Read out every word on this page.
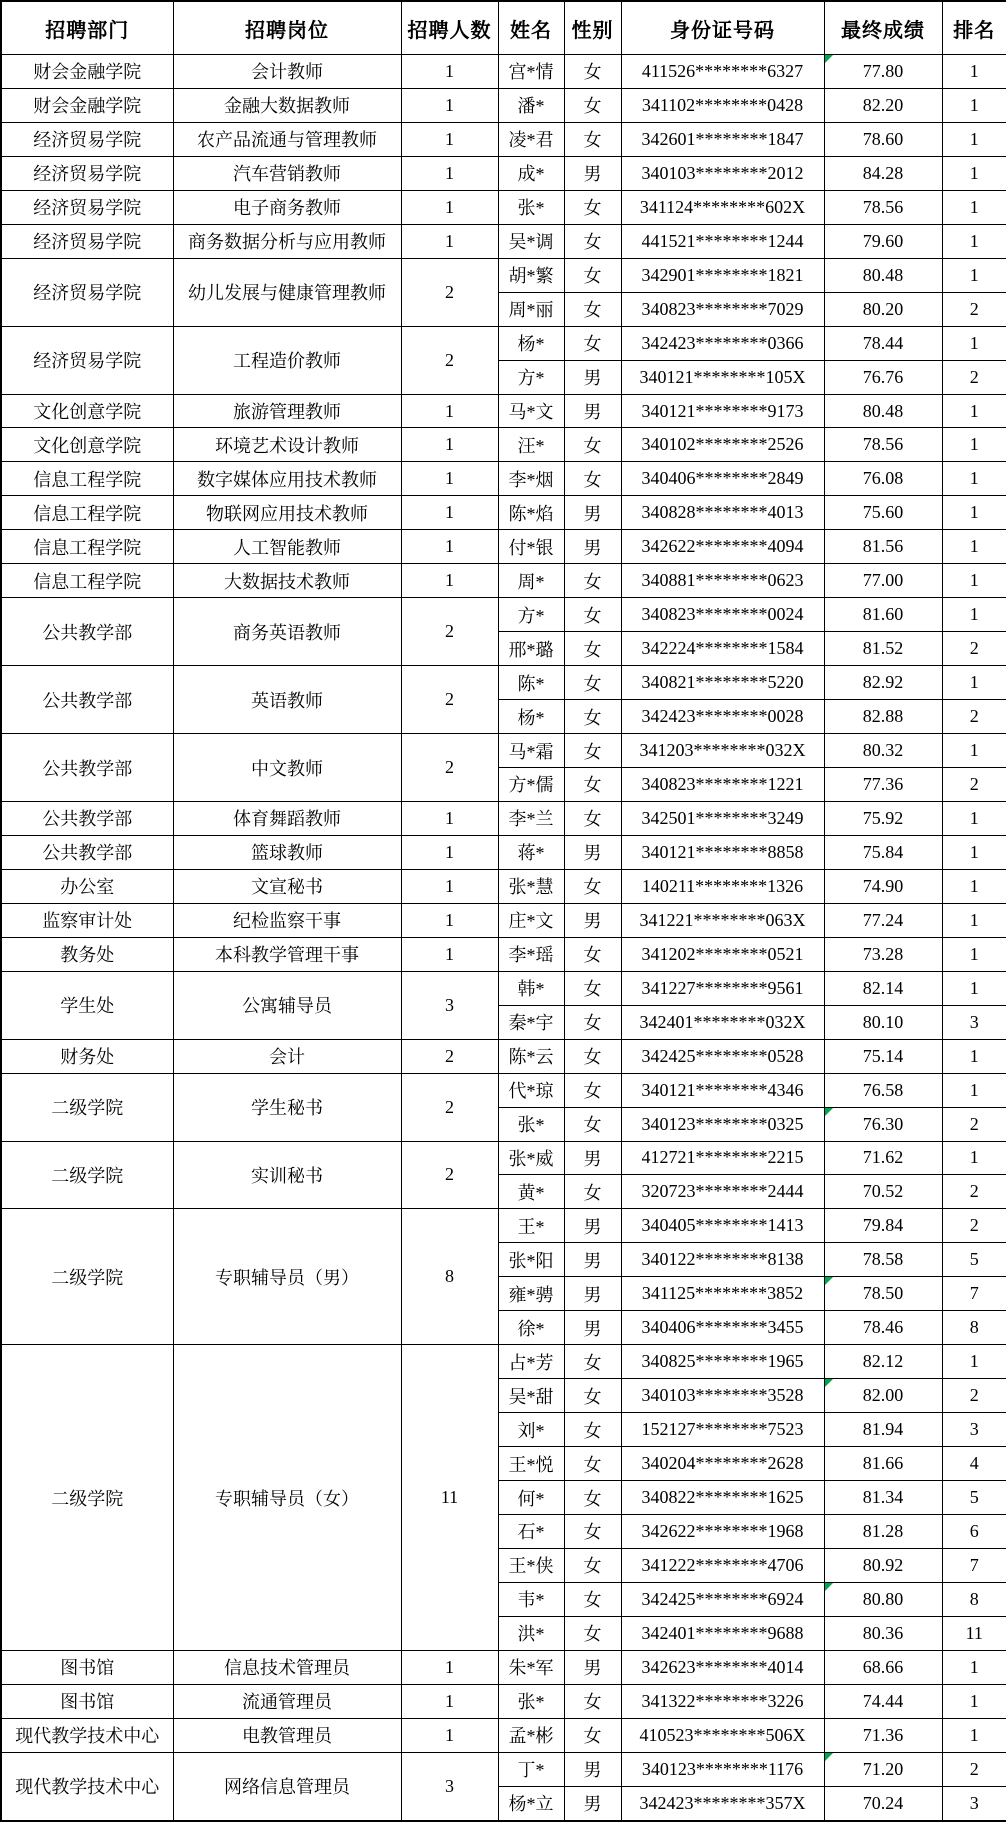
招聘部门	招聘岗位	招聘人数	姓名	性别	身份证号码	最终成绩	排名
财会金融学院	会计教师	1	宫*情	女	411526********6327	77.80	1
财会金融学院	金融大数据教师	1	潘*	女	341102********0428	82.20	1
经济贸易学院	农产品流通与管理教师	1	凌*君	女	342601********1847	78.60	1
经济贸易学院	汽车营销教师	1	成*	男	340103********2012	84.28	1
经济贸易学院	电子商务教师	1	张*	女	341124********602X	78.56	1
经济贸易学院	商务数据分析与应用教师	1	吴*调	女	441521********1244	79.60	1
经济贸易学院	幼儿发展与健康管理教师	2	胡*繁	女	342901********1821	80.48	1
			周*丽	女	340823********7029	80.20	2
经济贸易学院	工程造价教师	2	杨*	女	342423********0366	78.44	1
			方*	男	340121********105X	76.76	2
文化创意学院	旅游管理教师	1	马*文	男	340121********9173	80.48	1
文化创意学院	环境艺术设计教师	1	汪*	女	340102********2526	78.56	1
信息工程学院	数字媒体应用技术教师	1	李*烟	女	340406********2849	76.08	1
信息工程学院	物联网应用技术教师	1	陈*焰	男	340828********4013	75.60	1
信息工程学院	人工智能教师	1	付*银	男	342622********4094	81.56	1
信息工程学院	大数据技术教师	1	周*	女	340881********0623	77.00	1
公共教学部	商务英语教师	2	方*	女	340823********0024	81.60	1
			邢*璐	女	342224********1584	81.52	2
公共教学部	英语教师	2	陈*	女	340821********5220	82.92	1
			杨*	女	342423********0028	82.88	2
公共教学部	中文教师	2	马*霜	女	341203********032X	80.32	1
			方*儒	女	340823********1221	77.36	2
公共教学部	体育舞蹈教师	1	李*兰	女	342501********3249	75.92	1
公共教学部	篮球教师	1	蒋*	男	340121********8858	75.84	1
办公室	文宣秘书	1	张*慧	女	140211********1326	74.90	1
监察审计处	纪检监察干事	1	庄*文	男	341221********063X	77.24	1
教务处	本科教学管理干事	1	李*瑶	女	341202********0521	73.28	1
学生处	公寓辅导员	3	韩*	女	341227********9561	82.14	1
			秦*宇	女	342401********032X	80.10	3
财务处	会计	2	陈*云	女	342425********0528	75.14	1
二级学院	学生秘书	2	代*琼	女	340121********4346	76.58	1
			张*	女	340123********0325	76.30	2
二级学院	实训秘书	2	张*威	男	412721********2215	71.62	1
			黄*	女	320723********2444	70.52	2
二级学院	专职辅导员（男）	8	王*	男	340405********1413	79.84	2
			张*阳	男	340122********8138	78.58	5
			雍*骋	男	341125********3852	78.50	7
			徐*	男	340406********3455	78.46	8
二级学院	专职辅导员（女）	11	占*芳	女	340825********1965	82.12	1
			吴*甜	女	340103********3528	82.00	2
			刘*	女	152127********7523	81.94	3
			王*悦	女	340204********2628	81.66	4
			何*	女	340822********1625	81.34	5
			石*	女	342622********1968	81.28	6
			王*侠	女	341222********4706	80.92	7
			韦*	女	342425********6924	80.80	8
			洪*	女	342401********9688	80.36	11
图书馆	信息技术管理员	1	朱*军	男	342623********4014	68.66	1
图书馆	流通管理员	1	张*	女	341322********3226	74.44	1
现代教学技术中心	电教管理员	1	孟*彬	女	410523********506X	71.36	1
现代教学技术中心	网络信息管理员	3	丁*	男	340123********1176	71.20	2
			杨*立	男	342423********357X	70.24	3
